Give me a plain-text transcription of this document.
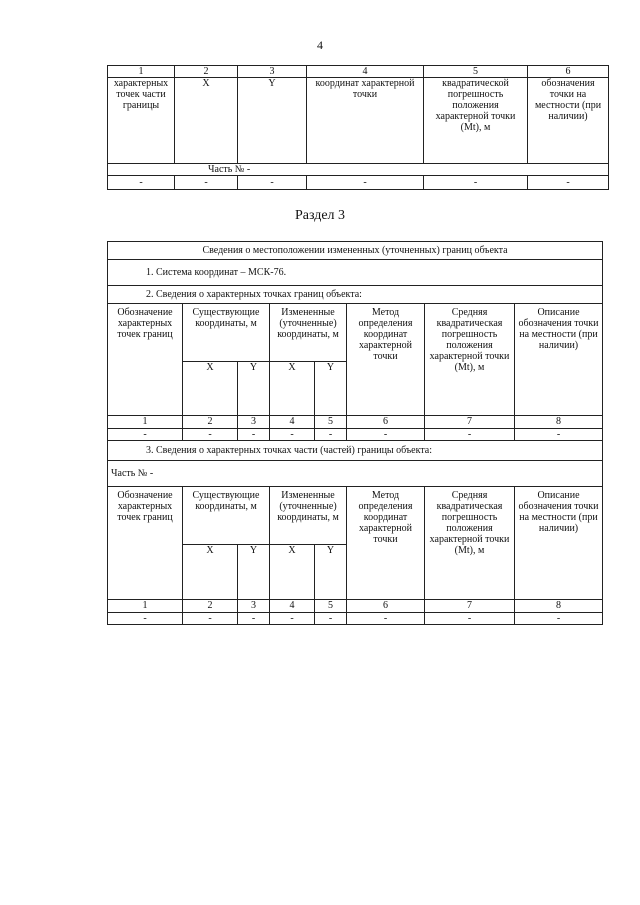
4
1	2	3	4	5	6
характерных точек части границы	X	Y	координат характерной точки	квадратической погрешность положения характерной точки (Mt), м	обозначения точки на местности (при наличии)
Часть № -					
-	-	-	-	-	-
Раздел 3
Сведения о местоположении измененных (уточненных) границ объекта							
1. Система координат – МСК-76.							
2. Сведения о характерных точках границ объекта:							
Обозначение характерных точек границ	Существующие координаты, м		Измененные (уточненные) координаты, м		Метод определения координат характерной точки	Средняя квадратическая погрешность положения характерной точки (Mt), м	Описание обозначения точки на местности (при наличии)
	X	Y	X	Y			
1	2	3	4	5	6	7	8
-	-	-	-	-	-	-	-
3. Сведения о характерных точках части (частей) границы объекта:							
Часть № -							
Обозначение характерных точек границ	Существующие координаты, м		Измененные (уточненные) координаты, м		Метод определения координат характерной точки	Средняя квадратическая погрешность положения характерной точки (Mt), м	Описание обозначения точки на местности (при наличии)
	X	Y	X	Y			
1	2	3	4	5	6	7	8
-	-	-	-	-	-	-	-
